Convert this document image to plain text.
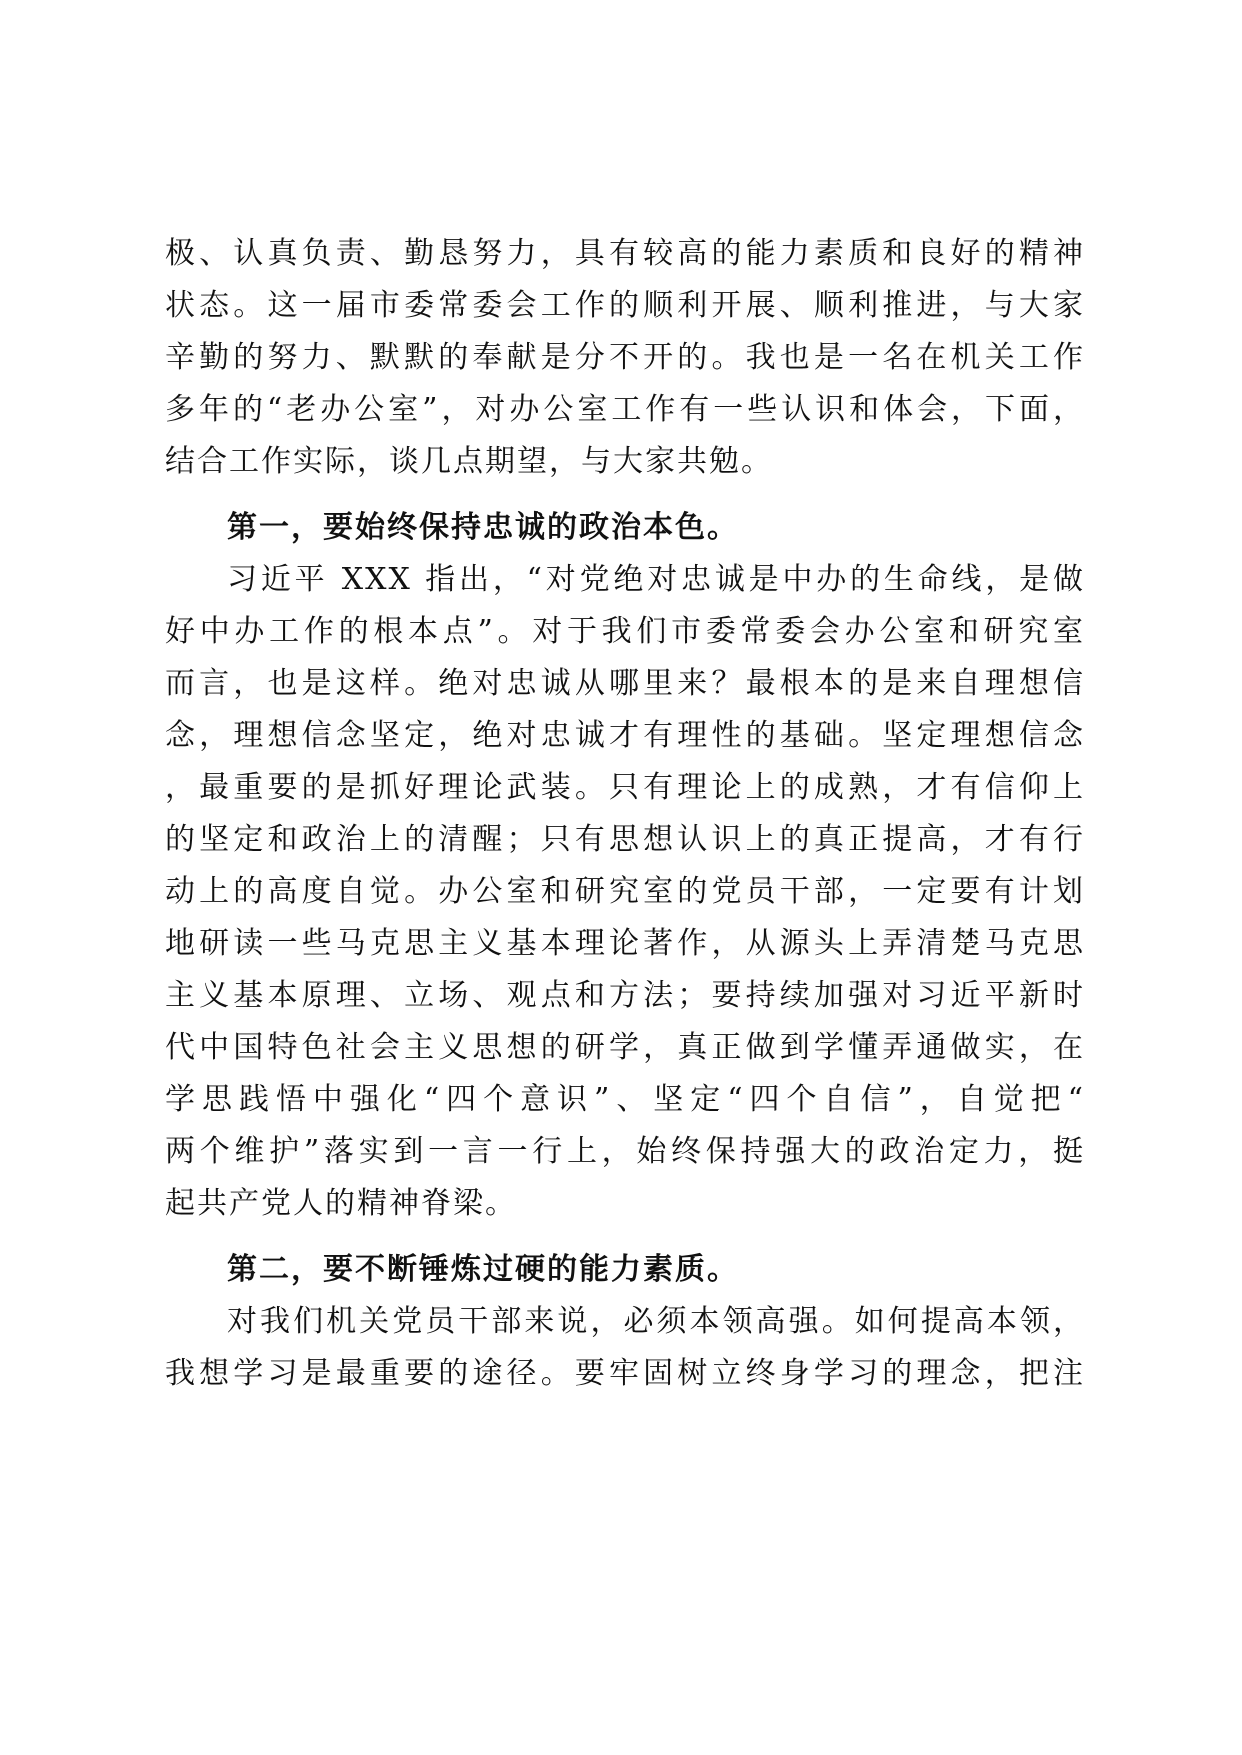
极、认真负责、勤恳努力，具有较高的能力素质和良好的精神
状态。这一届市委常委会工作的顺利开展、顺利推进，与大家
辛勤的努力、默默的奉献是分不开的。我也是一名在机关工作
多年的“老办公室”，对办公室工作有一些认识和体会，下面，
结合工作实际，谈几点期望，与大家共勉。
第一，要始终保持忠诚的政治本色。
习近平 XXX 指出，“对党绝对忠诚是中办的生命线，是做
好中办工作的根本点”。对于我们市委常委会办公室和研究室
而言，也是这样。绝对忠诚从哪里来？最根本的是来自理想信
念，理想信念坚定，绝对忠诚才有理性的基础。坚定理想信念
，最重要的是抓好理论武装。只有理论上的成熟，才有信仰上
的坚定和政治上的清醒；只有思想认识上的真正提高，才有行
动上的高度自觉。办公室和研究室的党员干部，一定要有计划
地研读一些马克思主义基本理论著作，从源头上弄清楚马克思
主义基本原理、立场、观点和方法；要持续加强对习近平新时
代中国特色社会主义思想的研学，真正做到学懂弄通做实，在
学思践悟中强化“四个意识”、坚定“四个自信”，自觉把“
两个维护”落实到一言一行上，始终保持强大的政治定力，挺
起共产党人的精神脊梁。
第二，要不断锤炼过硬的能力素质。
对我们机关党员干部来说，必须本领高强。如何提高本领，
我想学习是最重要的途径。要牢固树立终身学习的理念，把注
